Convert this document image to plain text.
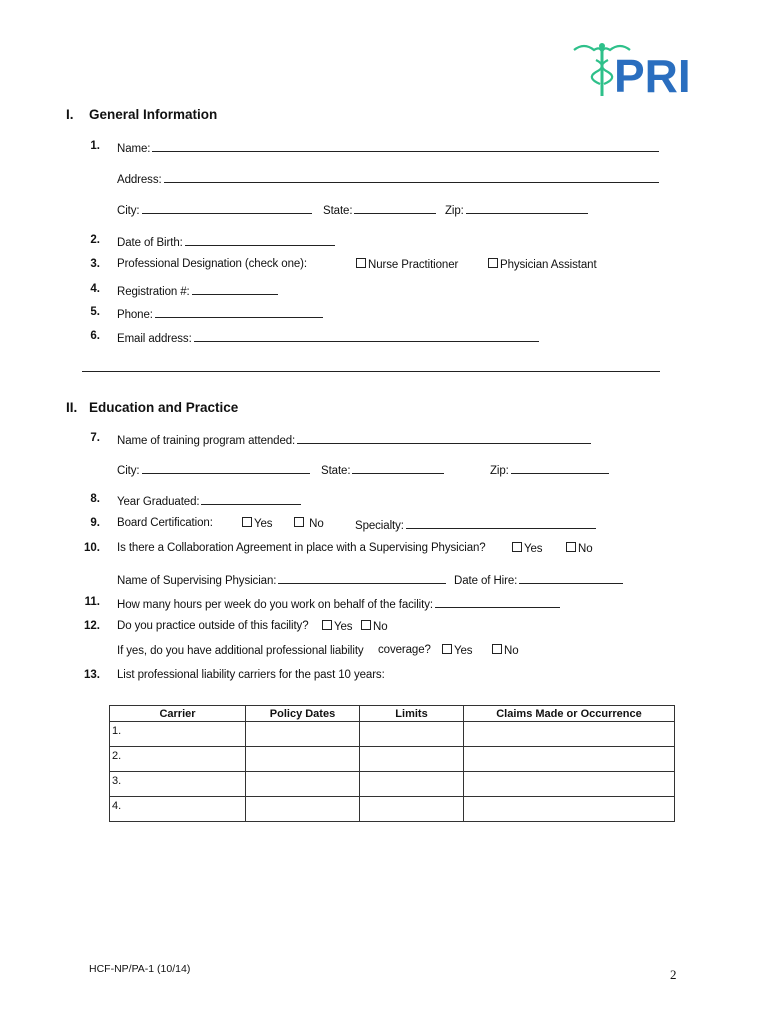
PRI
I. General Information
1. Name:
Address:
City:	State:	Zip:
2. Date of Birth:
3. Professional Designation (check one):	Nurse Practitioner	Physician Assistant
4. Registration #:
5. Phone:
6. Email address:
II. Education and Practice
7. Name of training program attended:
City:	State:	Zip:
8. Year Graduated:
9. Board Certification:	Yes	No	Specialty:
10. Is there a Collaboration Agreement in place with a Supervising Physician?	Yes	No
Name of Supervising Physician:	Date of Hire:
11. How many hours per week do you work on behalf of the facility:
12. Do you practice outside of this facility?	Yes	No
If yes, do you have additional professional liability coverage?	Yes	No
13. List professional liability carriers for the past 10 years:
Carrier	Policy Dates	Limits	Claims Made or Occurrence
1.			
2.			
3.			
4.			
HCF-NP/PA-1 (10/14)	2
